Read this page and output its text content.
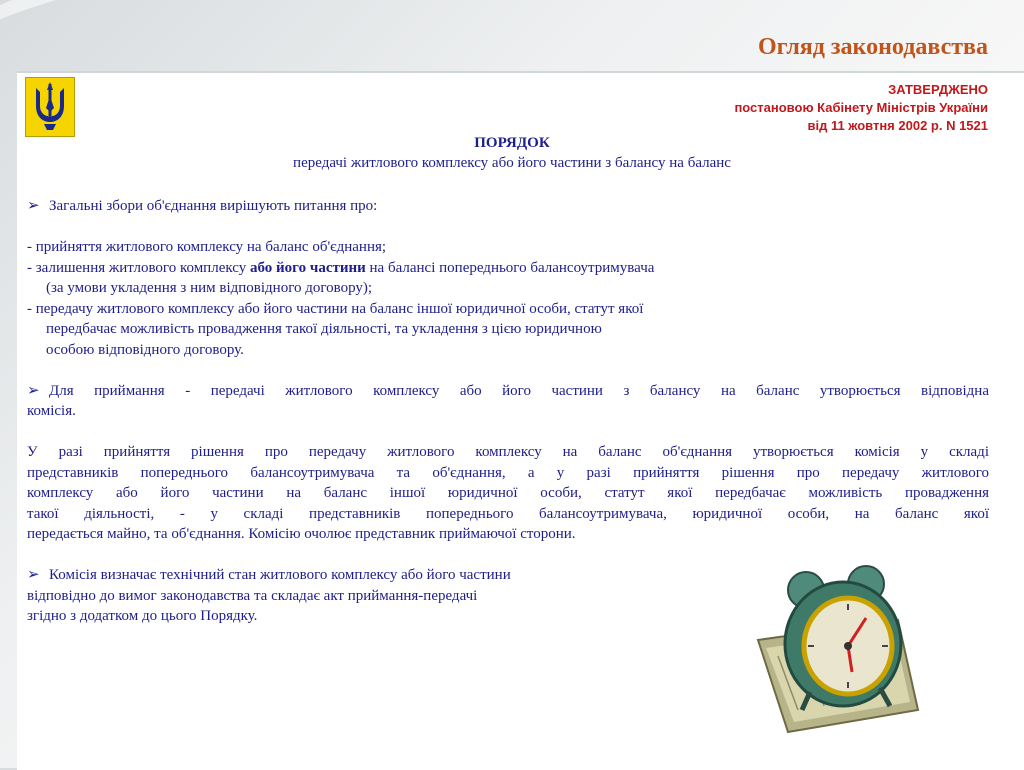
Огляд законодавства
ЗАТВЕРДЖЕНО
постановою Кабінету Міністрів України
від 11 жовтня 2002 р. N 1521
ПОРЯДОК
передачі житлового комплексу або його частини з балансу на баланс
➢ Загальні збори об'єднання вирішують питання про:
- прийняття житлового комплексу на баланс об'єднання;
- залишення житлового комплексу або його частини на балансі попереднього балансоутримувача
(за умови укладення з ним відповідного договору);
- передачу житлового комплексу або його частини на баланс іншої юридичної особи, статут якої
передбачає можливість провадження такої діяльності, та укладення з цією юридичною
особою відповідного договору.
➢ Для приймання - передачі житлового комплексу або його частини з балансу на баланс утворюється відповідна
комісія.
У разі прийняття рішення про передачу житлового комплексу на баланс об'єднання утворюється комісія у складі
представників попереднього балансоутримувача та об'єднання, а у разі прийняття рішення про передачу житлового
комплексу або його частини на баланс іншої юридичної особи, статут якої передбачає можливість провадження
такої діяльності, - у складі представників попереднього балансоутримувача, юридичної особи, на баланс якої
передається майно, та об'єднання. Комісію очолює представник приймаючої сторони.
➢ Комісія визначає технічний стан житлового комплексу або його частини
відповідно до вимог законодавства та складає акт приймання-передачі
згідно з додатком до цього Порядку.
